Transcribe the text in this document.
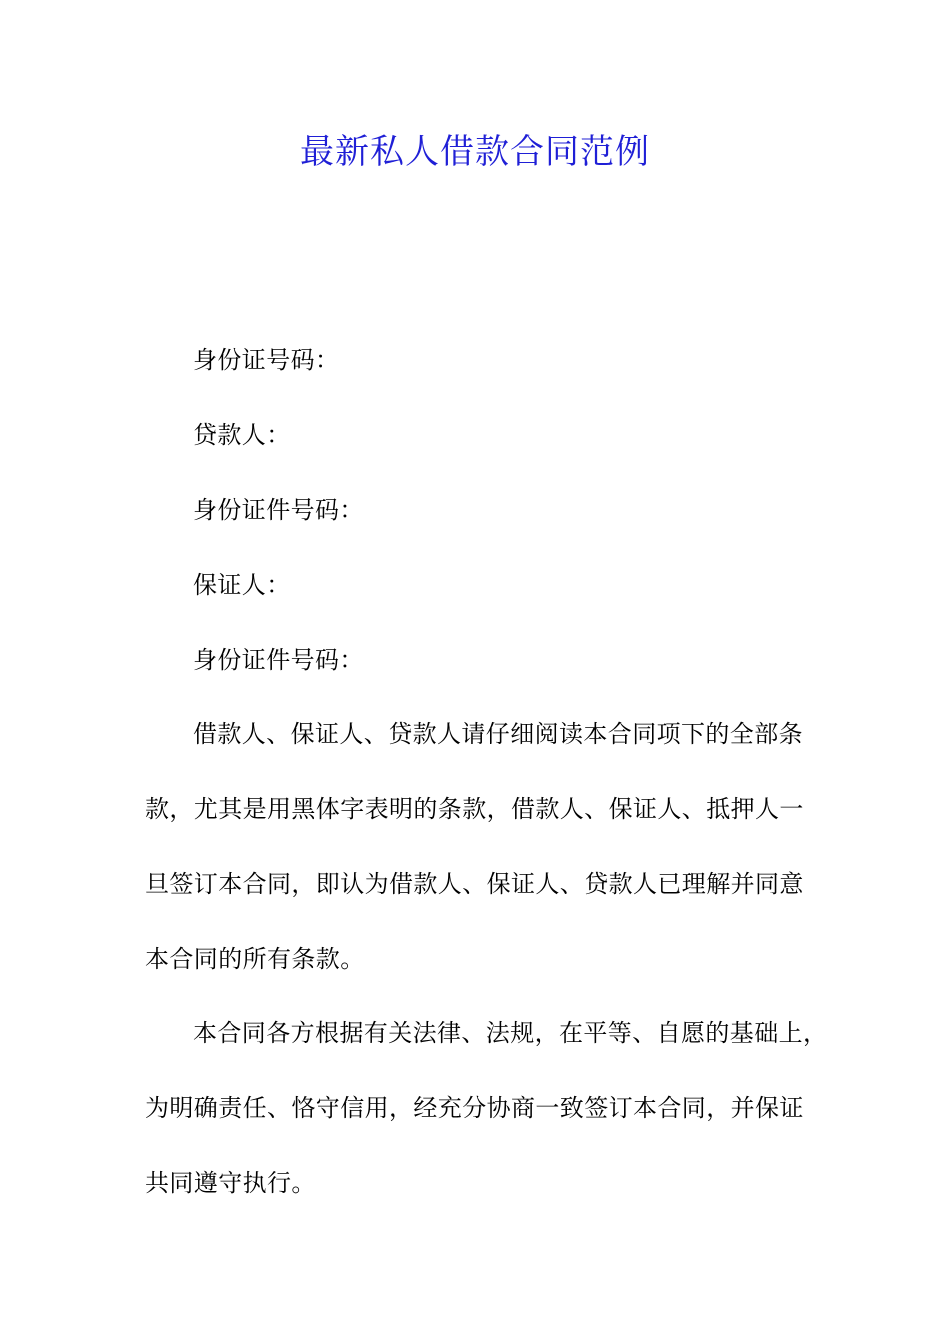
最新私人借款合同范例
身份证号码：
贷款人：
身份证件号码：
保证人：
身份证件号码：
借款人、保证人、贷款人请仔细阅读本合同项下的全部条
款，尤其是用黑体字表明的条款，借款人、保证人、抵押人一
旦签订本合同，即认为借款人、保证人、贷款人已理解并同意
本合同的所有条款。
本合同各方根据有关法律、法规，在平等、自愿的基础上，
为明确责任、恪守信用，经充分协商一致签订本合同，并保证
共同遵守执行。
